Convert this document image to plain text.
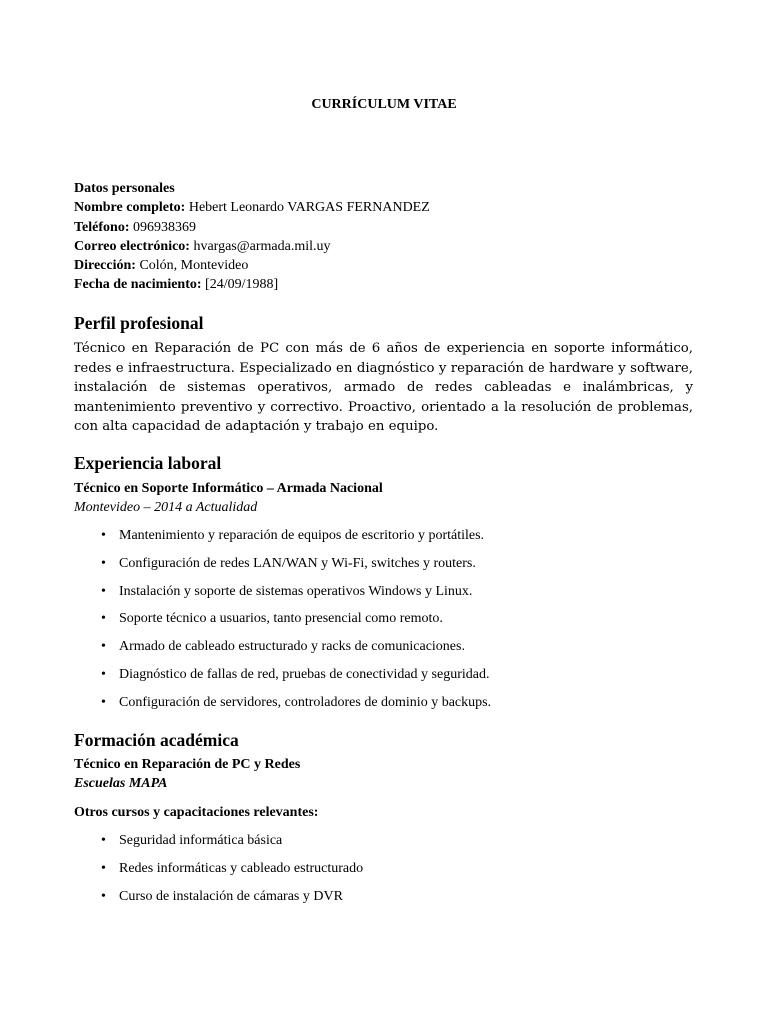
CURRÍCULUM VITAE
Datos personales
Nombre completo: Hebert Leonardo VARGAS FERNANDEZ
Teléfono: 096938369
Correo electrónico: hvargas@armada.mil.uy
Dirección: Colón, Montevideo
Fecha de nacimiento: [24/09/1988]
Perfil profesional
Técnico en Reparación de PC con más de 6 años de experiencia en soporte informático, redes e infraestructura. Especializado en diagnóstico y reparación de hardware y software, instalación de sistemas operativos, armado de redes cableadas e inalámbricas, y mantenimiento preventivo y correctivo. Proactivo, orientado a la resolución de problemas, con alta capacidad de adaptación y trabajo en equipo.
Experiencia laboral
Técnico en Soporte Informático – Armada Nacional
Montevideo – 2014 a Actualidad
• Mantenimiento y reparación de equipos de escritorio y portátiles.
• Configuración de redes LAN/WAN y Wi-Fi, switches y routers.
• Instalación y soporte de sistemas operativos Windows y Linux.
• Soporte técnico a usuarios, tanto presencial como remoto.
• Armado de cableado estructurado y racks de comunicaciones.
• Diagnóstico de fallas de red, pruebas de conectividad y seguridad.
• Configuración de servidores, controladores de dominio y backups.
Formación académica
Técnico en Reparación de PC y Redes
Escuelas MAPA
Otros cursos y capacitaciones relevantes:
• Seguridad informática básica
• Redes informáticas y cableado estructurado
• Curso de instalación de cámaras y DVR
